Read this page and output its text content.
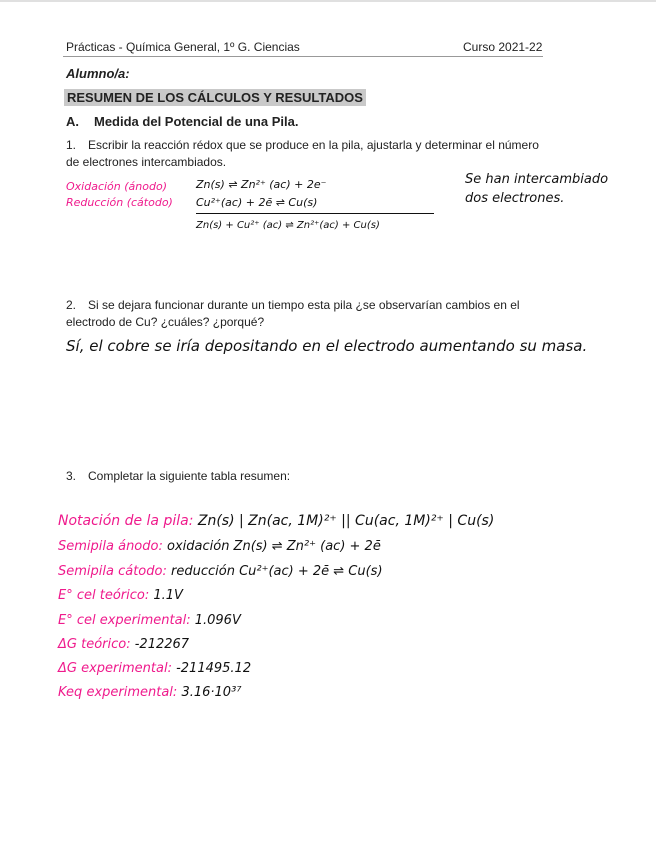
Prácticas - Química General, 1º G. Ciencias	Curso 2021-22
Alumno/a:
RESUMEN DE LOS CÁLCULOS Y RESULTADOS
A. Medida del Potencial de una Pila.
1. Escribir la reacción rédox que se produce en la pila, ajustarla y determinar el número de electrones intercambiados.
Oxidación (ánodo)
Reducción (cátodo)
Zn(s) ⇌ Zn²⁺ (ac) + 2e⁻
Cu²⁺(ac) + 2ē ⇌ Cu(s)
Zn(s) + Cu²⁺ (ac) ⇌ Zn²⁺(ac) + Cu(s)
Se han intercambiado
dos electrones.
2. Si se dejara funcionar durante un tiempo esta pila ¿se observarían cambios en el electrodo de Cu? ¿cuáles? ¿porqué?
Sí, el cobre se iría depositando en el electrodo aumentando su masa.
3. Completar la siguiente tabla resumen:
Notación de la pila: Zn(s) | Zn(ac, 1M)²⁺ || Cu(ac, 1M)²⁺ | Cu(s)
Semipila ánodo: oxidación Zn(s) ⇌ Zn²⁺ (ac) + 2ē
Semipila cátodo: reducción Cu²⁺(ac) + 2ē ⇌ Cu(s)
E° cel teórico: 1.1V
E° cel experimental: 1.096V
ΔG teórico: -212267
ΔG experimental: -211495.12
Keq experimental: 3.16·10³⁷
